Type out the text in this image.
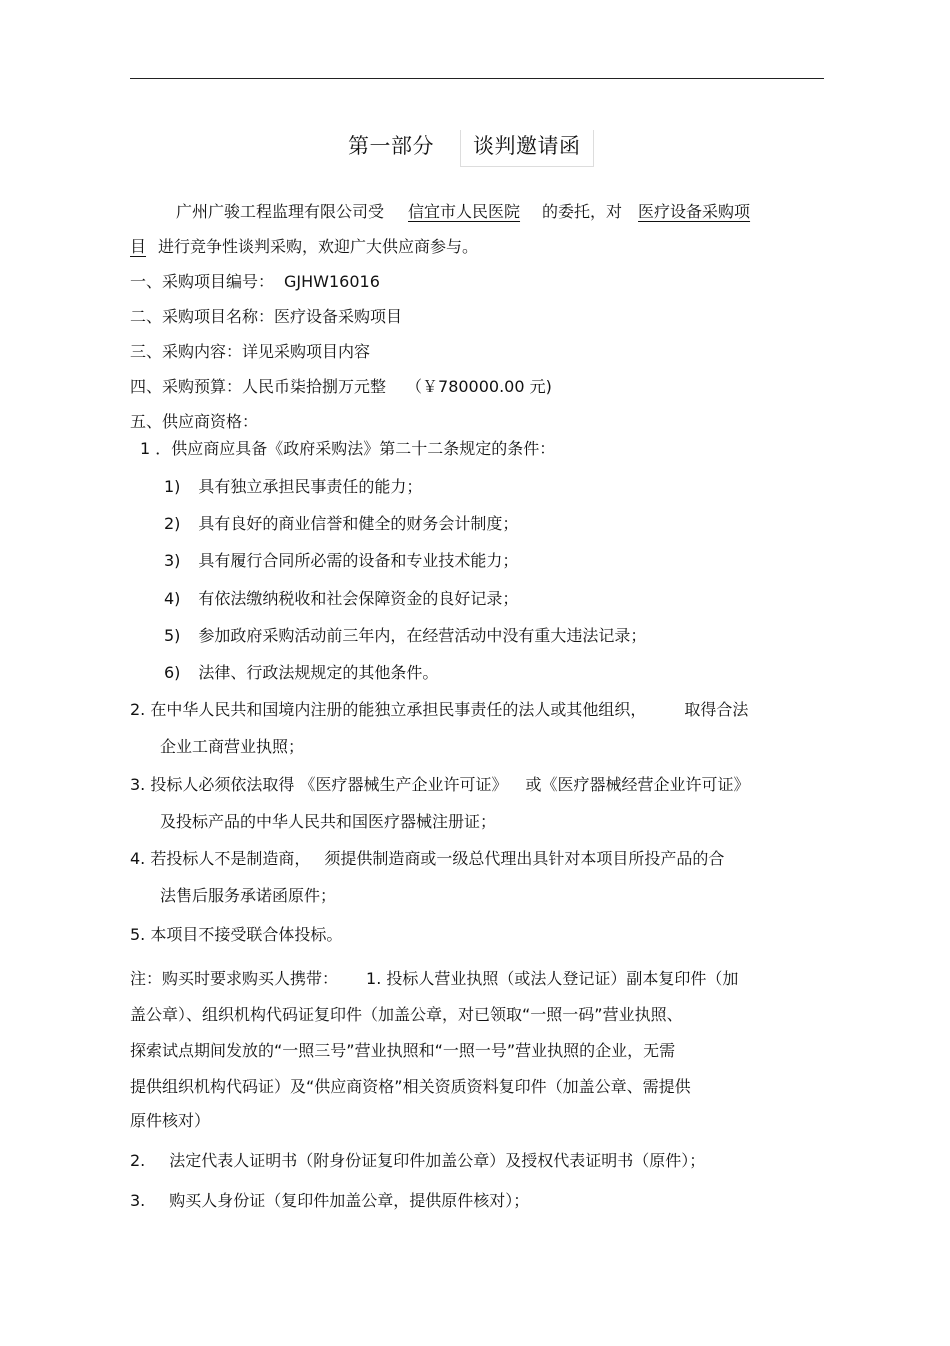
第一部分 谈判邀请函
广州广骏工程监理有限公司受 信宜市人民医院 的委托，对 医疗设备采购项
目 进行竞争性谈判采购，欢迎广大供应商参与。
一、采购项目编号： GJHW16016
二、采购项目名称：医疗设备采购项目
三、采购内容：详见采购项目内容
四、采购预算：人民币柒拾捌万元整 （￥780000.00 元)
五、供应商资格：
1 ．供应商应具备《政府采购法》第二十二条规定的条件：
1) 具有独立承担民事责任的能力；
2) 具有良好的商业信誉和健全的财务会计制度；
3) 具有履行合同所必需的设备和专业技术能力；
4) 有依法缴纳税收和社会保障资金的良好记录；
5) 参加政府采购活动前三年内，在经营活动中没有重大违法记录；
6) 法律、行政法规规定的其他条件。
2. 在中华人民共和国境内注册的能独立承担民事责任的法人或其他组织， 取得合法
企业工商营业执照；
3. 投标人必须依法取得 《医疗器械生产企业许可证》 或《医疗器械经营企业许可证》
及投标产品的中华人民共和国医疗器械注册证；
4. 若投标人不是制造商， 须提供制造商或一级总代理出具针对本项目所投产品的合
法售后服务承诺函原件；
5. 本项目不接受联合体投标。
注：购买时要求购买人携带： 1. 投标人营业执照（或法人登记证）副本复印件（加
盖公章）、组织机构代码证复印件（加盖公章，对已领取“一照一码”营业执照、
探索试点期间发放的“一照三号”营业执照和“一照一号”营业执照的企业，无需
提供组织机构代码证）及“供应商资格”相关资质资料复印件（加盖公章、需提供
原件核对）
2. 法定代表人证明书（附身份证复印件加盖公章）及授权代表证明书（原件）；
3. 购买人身份证（复印件加盖公章，提供原件核对）；
